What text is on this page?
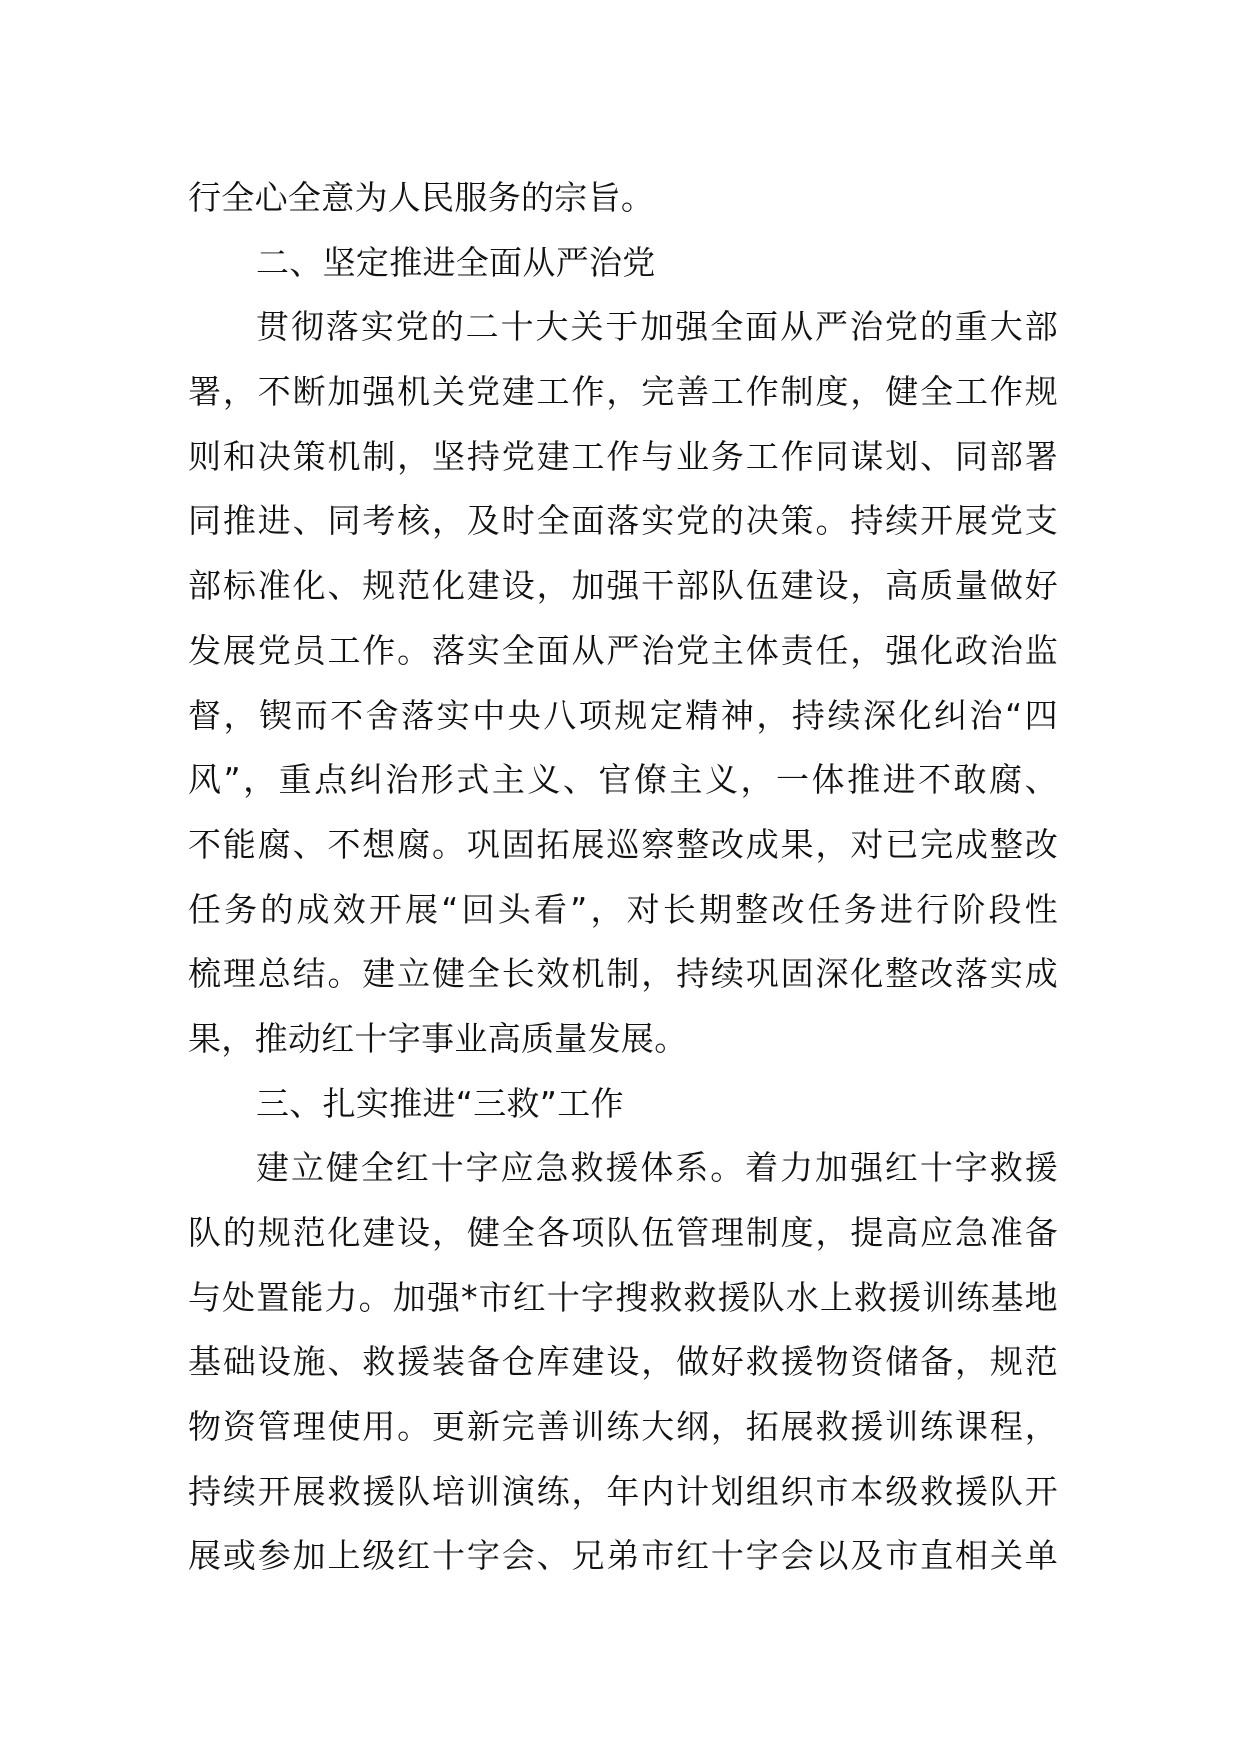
行全心全意为人民服务的宗旨。
二、坚定推进全面从严治党
贯彻落实党的二十大关于加强全面从严治党的重大部
署，不断加强机关党建工作，完善工作制度，健全工作规
则和决策机制，坚持党建工作与业务工作同谋划、同部署
同推进、同考核，及时全面落实党的决策。持续开展党支
部标准化、规范化建设，加强干部队伍建设，高质量做好
发展党员工作。落实全面从严治党主体责任，强化政治监
督，锲而不舍落实中央八项规定精神，持续深化纠治“四
风”，重点纠治形式主义、官僚主义，一体推进不敢腐、
不能腐、不想腐。巩固拓展巡察整改成果，对已完成整改
任务的成效开展“回头看”，对长期整改任务进行阶段性
梳理总结。建立健全长效机制，持续巩固深化整改落实成
果，推动红十字事业高质量发展。
三、扎实推进“三救”工作
建立健全红十字应急救援体系。着力加强红十字救援
队的规范化建设，健全各项队伍管理制度，提高应急准备
与处置能力。加强*市红十字搜救救援队水上救援训练基地
基础设施、救援装备仓库建设，做好救援物资储备，规范
物资管理使用。更新完善训练大纲，拓展救援训练课程，
持续开展救援队培训演练，年内计划组织市本级救援队开
展或参加上级红十字会、兄弟市红十字会以及市直相关单
